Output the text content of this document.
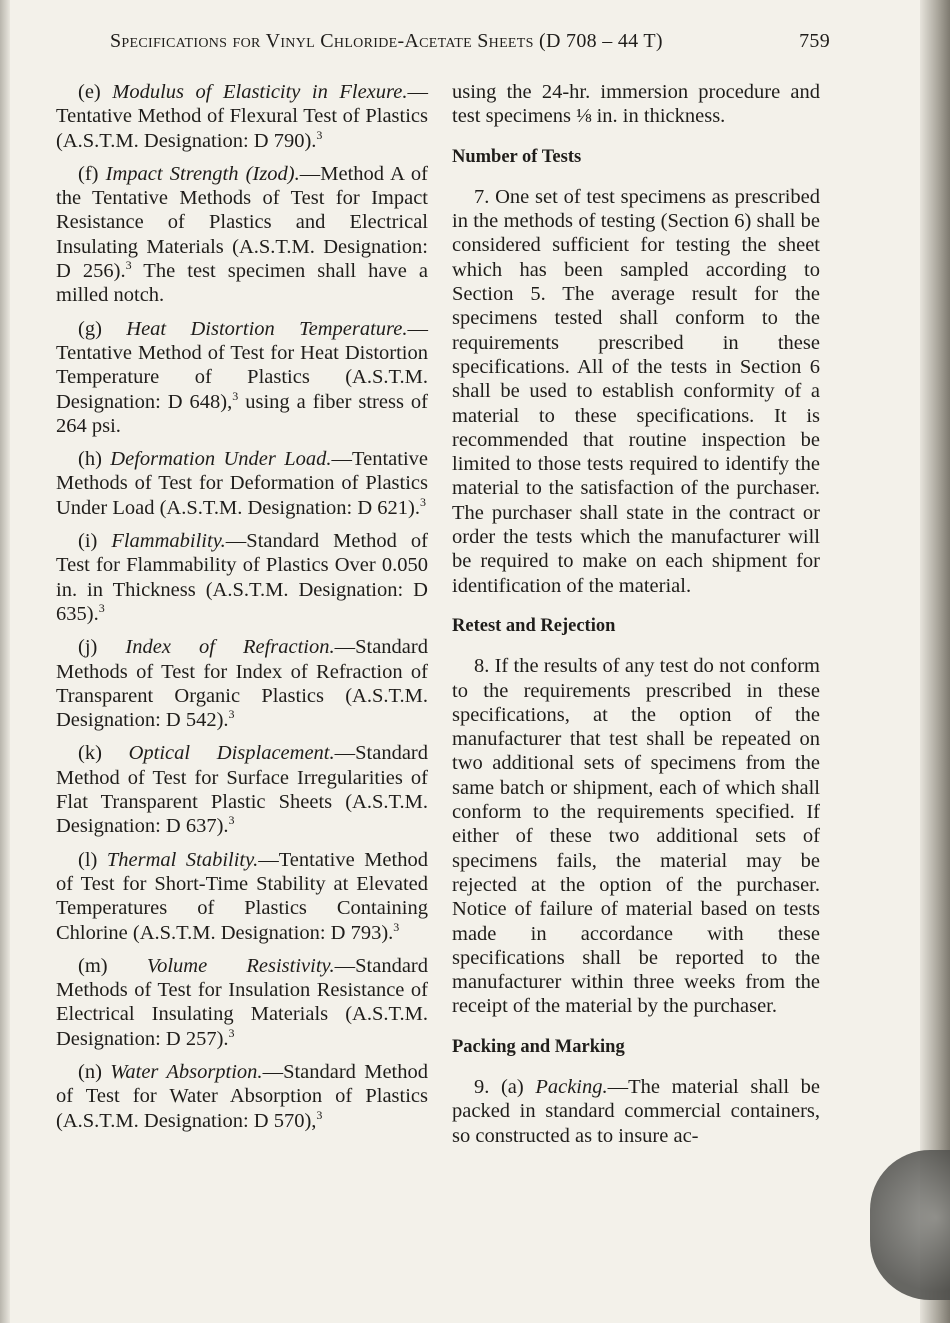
Specifications for Vinyl Chloride-Acetate Sheets (D 708 – 44 T)	759

(e) Modulus of Elasticity in Flexure.—Tentative Method of Flexural Test of Plastics (A.S.T.M. Designation: D 790).$^3$

(f) Impact Strength (Izod).—Method A of the Tentative Methods of Test for Impact Resistance of Plastics and Electrical Insulating Materials (A.S.T.M. Designation: D 256).$^3$ The test specimen shall have a milled notch.

(g) Heat Distortion Temperature.—Tentative Method of Test for Heat Distortion Temperature of Plastics (A.S.T.M. Designation: D 648),$^3$ using a fiber stress of 264 psi.

(h) Deformation Under Load.—Tentative Methods of Test for Deformation of Plastics Under Load (A.S.T.M. Designation: D 621).$^3$

(i) Flammability.—Standard Method of Test for Flammability of Plastics Over 0.050 in. in Thickness (A.S.T.M. Designation: D 635).$^3$

(j) Index of Refraction.—Standard Methods of Test for Index of Refraction of Transparent Organic Plastics (A.S.T.M. Designation: D 542).$^3$

(k) Optical Displacement.—Standard Method of Test for Surface Irregularities of Flat Transparent Plastic Sheets (A.S.T.M. Designation: D 637).$^3$

(l) Thermal Stability.—Tentative Method of Test for Short-Time Stability at Elevated Temperatures of Plastics Containing Chlorine (A.S.T.M. Designation: D 793).$^3$

(m) Volume Resistivity.—Standard Methods of Test for Insulation Resistance of Electrical Insulating Materials (A.S.T.M. Designation: D 257).$^3$

(n) Water Absorption.—Standard Method of Test for Water Absorption of Plastics (A.S.T.M. Designation: D 570),$^3$

using the 24-hr. immersion procedure and test specimens ⅛ in. in thickness.

Number of Tests

7. One set of test specimens as prescribed in the methods of testing (Section 6) shall be considered sufficient for testing the sheet which has been sampled according to Section 5. The average result for the specimens tested shall conform to the requirements prescribed in these specifications. All of the tests in Section 6 shall be used to establish conformity of a material to these specifications. It is recommended that routine inspection be limited to those tests required to identify the material to the satisfaction of the purchaser. The purchaser shall state in the contract or order the tests which the manufacturer will be required to make on each shipment for identification of the material.

Retest and Rejection

8. If the results of any test do not conform to the requirements prescribed in these specifications, at the option of the manufacturer that test shall be repeated on two additional sets of specimens from the same batch or shipment, each of which shall conform to the requirements specified. If either of these two additional sets of specimens fails, the material may be rejected at the option of the purchaser. Notice of failure of material based on tests made in accordance with these specifications shall be reported to the manufacturer within three weeks from the receipt of the material by the purchaser.

Packing and Marking

9. (a) Packing.—The material shall be packed in standard commercial containers, so constructed as to insure ac-
